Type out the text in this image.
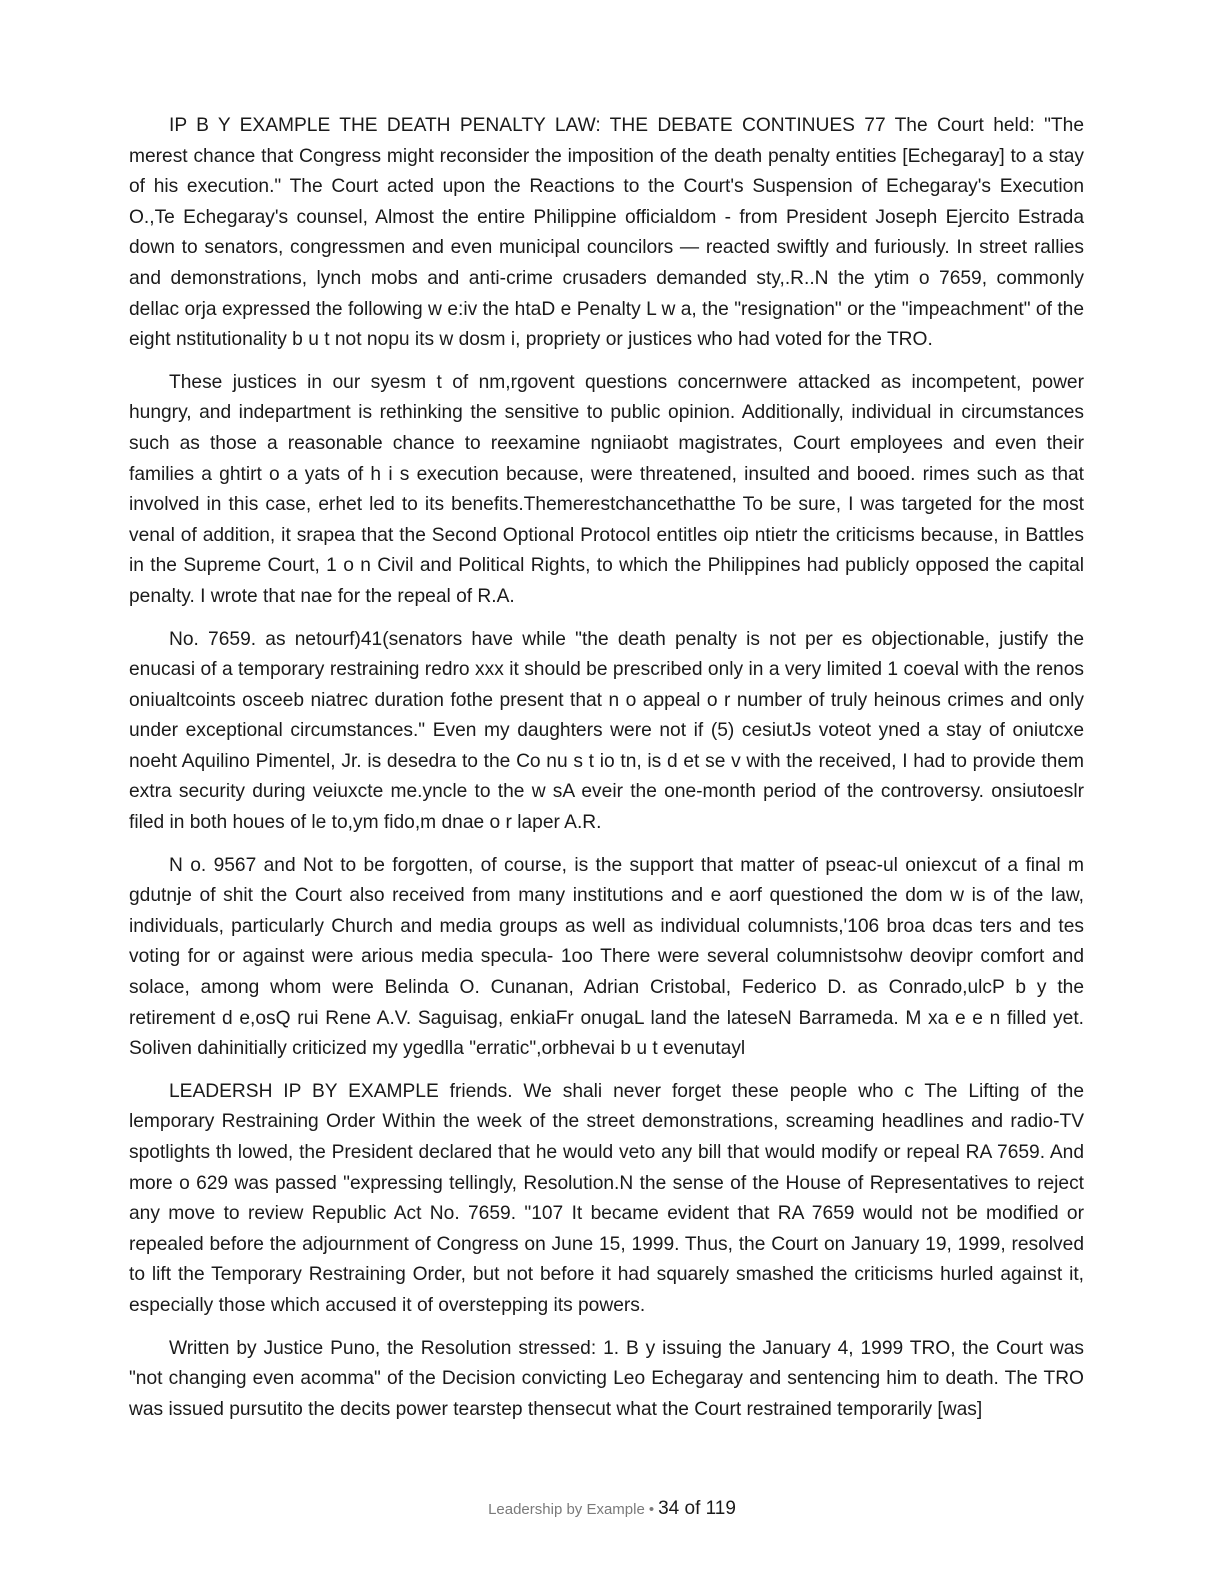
IP B Y EXAMPLE THE DEATH PENALTY LAW: THE DEBATE CONTINUES 77 The Court held: "The merest chance that Congress might reconsider the imposition of the death penalty entities [Echegaray] to a stay of his execution." The Court acted upon the Reactions to the Court's Suspension of Echegaray's Execution O.,Te Echegaray's counsel, Almost the entire Philippine officialdom - from President Joseph Ejercito Estrada down to senators, congressmen and even municipal councilors — reacted swiftly and furiously. In street rallies and demonstrations, lynch mobs and anti-crime crusaders demanded sty,.R..N the ytim o 7659, commonly dellac orja expressed the following w e:iv the htaD e Penalty L w a, the "resignation" or the "impeachment" of the eight nstitutionality b u t not nopu its w dosm i, propriety or justices who had voted for the TRO.

These justices in our syesm t of nm,rgovent questions concernwere attacked as incompetent, power hungry, and indepartment is rethinking the sensitive to public opinion. Additionally, individual in circumstances such as those a reasonable chance to reexamine ngniiaobt magistrates, Court employees and even their families a ghtirt o a yats of h i s execution because, were threatened, insulted and booed. rimes such as that involved in this case, erhet led to its benefits.Themerestchancethatthe To be sure, I was targeted for the most venal of addition, it srapea that the Second Optional Protocol entitles oip ntietr the criticisms because, in Battles in the Supreme Court, 1 o n Civil and Political Rights, to which the Philippines had publicly opposed the capital penalty. I wrote that nae for the repeal of R.A.

No. 7659. as netourf)41(senators have while "the death penalty is not per es objectionable, justify the enucasi of a temporary restraining redro xxx it should be prescribed only in a very limited 1 coeval with the renos oniualtcoints osceeb niatrec duration fothe present that n o appeal o r number of truly heinous crimes and only under exceptional circumstances." Even my daughters were not if (5) cesiutJs voteot yned a stay of oniutcxe noeht Aquilino Pimentel, Jr. is desedra to the Co nu s t io tn, is d et se v with the received, I had to provide them extra security during veiuxcte me.yncle to the w sA eveir the one-month period of the controversy. onsiutoeslr filed in both houes of le to,ym fido,m dnae o r laper A.R.

N o. 9567 and Not to be forgotten, of course, is the support that matter of pseac-ul oniexcut of a final m gdutnje of shit the Court also received from many institutions and e aorf questioned the dom w is of the law, individuals, particularly Church and media groups as well as individual columnists,'106 broa dcas ters and tes voting for or against were arious media specula- 1oo There were several columnistsohw deovipr comfort and solace, among whom were Belinda O. Cunanan, Adrian Cristobal, Federico D. as Conrado,ulcP b y the retirement d e,osQ rui Rene A.V. Saguisag, enkiaFr onugaL land the lateseN Barrameda. M xa e e n filled yet. Soliven dahinitially criticized my ygedlla "erratic",orbhevai b u t evenutayl

LEADERSH IP BY EXAMPLE friends. We shali never forget these people who c The Lifting of the lemporary Restraining Order Within the week of the street demonstrations, screaming headlines and radio-TV spotlights th lowed, the President declared that he would veto any bill that would modify or repeal RA 7659. And more o 629 was passed "expressing tellingly, Resolution.N the sense of the House of Representatives to reject any move to review Republic Act No. 7659. "107 It became evident that RA 7659 would not be modified or repealed before the adjournment of Congress on June 15, 1999. Thus, the Court on January 19, 1999, resolved to lift the Temporary Restraining Order, but not before it had squarely smashed the criticisms hurled against it, especially those which accused it of overstepping its powers.

Written by Justice Puno, the Resolution stressed: 1. B y issuing the January 4, 1999 TRO, the Court was "not changing even acomma" of the Decision convicting Leo Echegaray and sentencing him to death. The TRO was issued pursutito the decits power tearstep thensecut what the Court restrained temporarily [was]

Leadership by Example • 34 of 119
